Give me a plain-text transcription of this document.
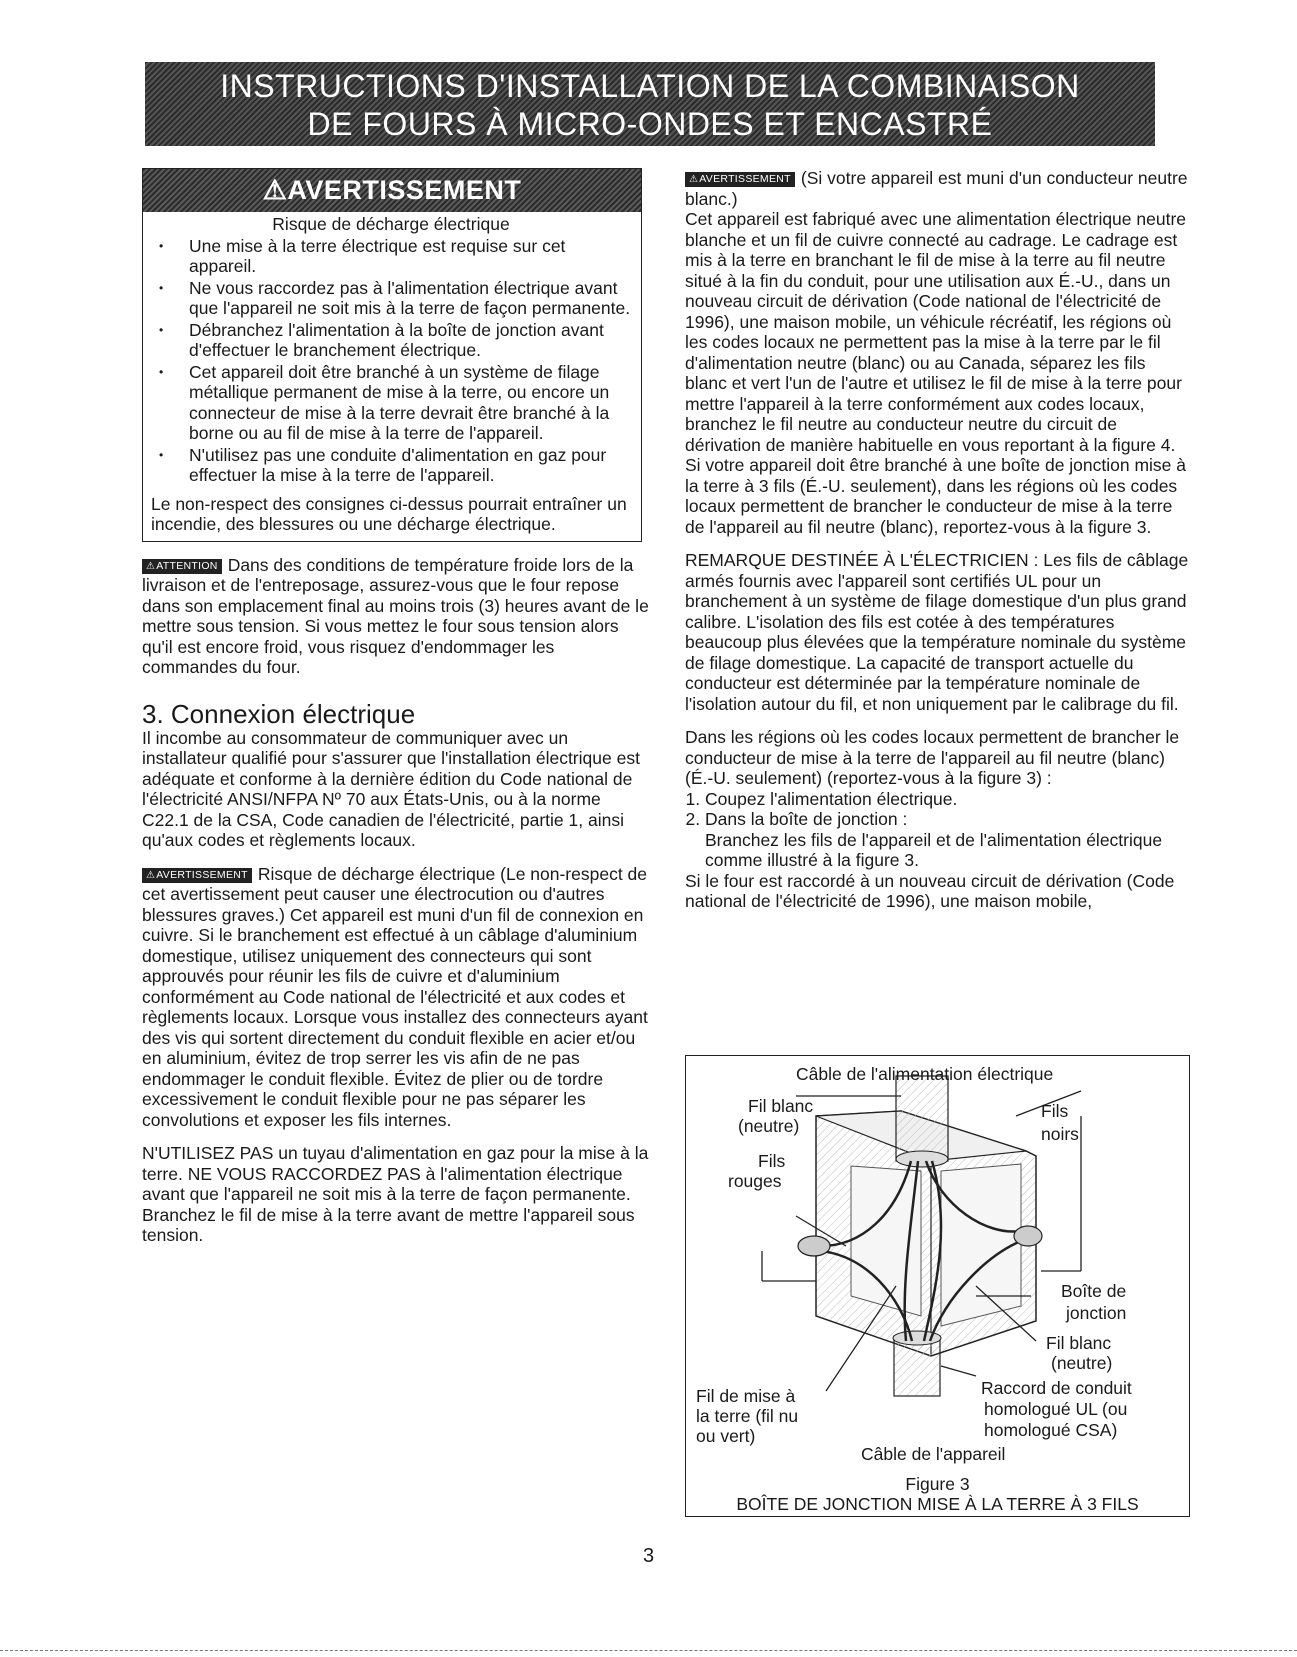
INSTRUCTIONS D'INSTALLATION DE LA COMBINAISON
DE FOURS À MICRO-ONDES ET ENCASTRÉ
⚠AVERTISSEMENT
Risque de décharge électrique
• Une mise à la terre électrique est requise sur cet appareil.
• Ne vous raccordez pas à l'alimentation électrique avant que l'appareil ne soit mis à la terre de façon permanente.
• Débranchez l'alimentation à la boîte de jonction avant d'effectuer le branchement électrique.
• Cet appareil doit être branché à un système de filage métallique permanent de mise à la terre, ou encore un connecteur de mise à la terre devrait être branché à la borne ou au fil de mise à la terre de l'appareil.
• N'utilisez pas une conduite d'alimentation en gaz pour effectuer la mise à la terre de l'appareil.
Le non-respect des consignes ci-dessus pourrait entraîner un incendie, des blessures ou une décharge électrique.

⚠ATTENTION Dans des conditions de température froide lors de la livraison et de l'entreposage, assurez-vous que le four repose dans son emplacement final au moins trois (3) heures avant de le mettre sous tension. Si vous mettez le four sous tension alors qu'il est encore froid, vous risquez d'endommager les commandes du four.

3. Connexion électrique

Il incombe au consommateur de communiquer avec un installateur qualifié pour s'assurer que l'installation électrique est adéquate et conforme à la dernière édition du Code national de l'électricité ANSI/NFPA Nº 70 aux États-Unis, ou à la norme C22.1 de la CSA, Code canadien de l'électricité, partie 1, ainsi qu'aux codes et règlements locaux.

⚠AVERTISSEMENT Risque de décharge électrique (Le non-respect de cet avertissement peut causer une électrocution ou d'autres blessures graves.) Cet appareil est muni d'un fil de connexion en cuivre. Si le branchement est effectué à un câblage d'aluminium domestique, utilisez uniquement des connecteurs qui sont approuvés pour réunir les fils de cuivre et d'aluminium conformément au Code national de l'électricité et aux codes et règlements locaux. Lorsque vous installez des connecteurs ayant des vis qui sortent directement du conduit flexible en acier et/ou en aluminium, évitez de trop serrer les vis afin de ne pas endommager le conduit flexible. Évitez de plier ou de tordre excessivement le conduit flexible pour ne pas séparer les convolutions et exposer les fils internes.

N'UTILISEZ PAS un tuyau d'alimentation en gaz pour la mise à la terre. NE VOUS RACCORDEZ PAS à l'alimentation électrique avant que l'appareil ne soit mis à la terre de façon permanente. Branchez le fil de mise à la terre avant de mettre l'appareil sous tension.

⚠AVERTISSEMENT (Si votre appareil est muni d'un conducteur neutre blanc.)

Cet appareil est fabriqué avec une alimentation électrique neutre blanche et un fil de cuivre connecté au cadrage. Le cadrage est mis à la terre en branchant le fil de mise à la terre au fil neutre situé à la fin du conduit, pour une utilisation aux É.-U., dans un nouveau circuit de dérivation (Code national de l'électricité de 1996), une maison mobile, un véhicule récréatif, les régions où les codes locaux ne permettent pas la mise à la terre par le fil d'alimentation neutre (blanc) ou au Canada, séparez les fils blanc et vert l'un de l'autre et utilisez le fil de mise à la terre pour mettre l'appareil à la terre conformément aux codes locaux, branchez le fil neutre au conducteur neutre du circuit de dérivation de manière habituelle en vous reportant à la figure 4. Si votre appareil doit être branché à une boîte de jonction mise à la terre à 3 fils (É.-U. seulement), dans les régions où les codes locaux permettent de brancher le conducteur de mise à la terre de l'appareil au fil neutre (blanc), reportez-vous à la figure 3.

REMARQUE DESTINÉE À L'ÉLECTRICIEN : Les fils de câblage armés fournis avec l'appareil sont certifiés UL pour un branchement à un système de filage domestique d'un plus grand calibre. L'isolation des fils est cotée à des températures beaucoup plus élevées que la température nominale du système de filage domestique. La capacité de transport actuelle du conducteur est déterminée par la température nominale de l'isolation autour du fil, et non uniquement par le calibrage du fil.

Dans les régions où les codes locaux permettent de brancher le conducteur de mise à la terre de l'appareil au fil neutre (blanc) (É.-U. seulement) (reportez-vous à la figure 3) :

1. Coupez l'alimentation électrique.
2. Dans la boîte de jonction :

Branchez les fils de l'appareil et de l'alimentation électrique comme illustré à la figure 3.

Si le four est raccordé à un nouveau circuit de dérivation (Code national de l'électricité de 1996), une maison mobile,

Câble de l'alimentation électrique
Fil blanc
(neutre)
Fils
rouges
Fils
noirs
Boîte de
jonction
Fil blanc
(neutre)
Fil de mise à
la terre (fil nu
ou vert)
Raccord de conduit
homologué UL (ou
homologué CSA)
Câble de l'appareil
Figure 3
BOÎTE DE JONCTION MISE À LA TERRE À 3 FILS
3
